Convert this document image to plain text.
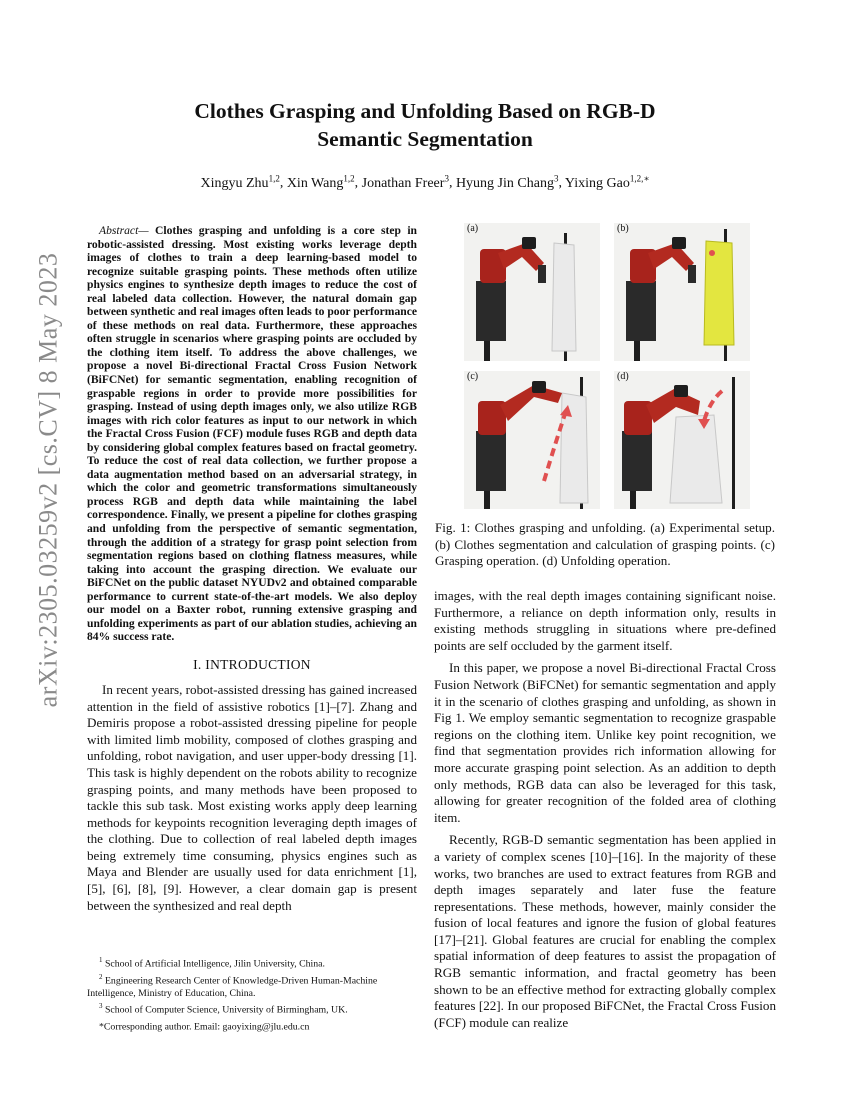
arXiv:2305.03259v2 [cs.CV] 8 May 2023
Clothes Grasping and Unfolding Based on RGB-D
Semantic Segmentation
Xingyu Zhu$^{1,2}$, Xin Wang$^{1,2}$, Jonathan Freer$^3$, Hyung Jin Chang$^3$, Yixing Gao$^{1,2,∗}$

Abstract— Clothes grasping and unfolding is a core step in robotic-assisted dressing. Most existing works leverage depth images of clothes to train a deep learning-based model to recognize suitable grasping points. These methods often utilize physics engines to synthesize depth images to reduce the cost of real labeled data collection. However, the natural domain gap between synthetic and real images often leads to poor performance of these methods on real data. Furthermore, these approaches often struggle in scenarios where grasping points are occluded by the clothing item itself. To address the above challenges, we propose a novel Bi-directional Fractal Cross Fusion Network (BiFCNet) for semantic segmentation, enabling recognition of graspable regions in order to provide more possibilities for grasping. Instead of using depth images only, we also utilize RGB images with rich color features as input to our network in which the Fractal Cross Fusion (FCF) module fuses RGB and depth data by considering global complex features based on fractal geometry. To reduce the cost of real data collection, we further propose a data augmentation method based on an adversarial strategy, in which the color and geometric transformations simultaneously process RGB and depth data while maintaining the label correspondence. Finally, we present a pipeline for clothes grasping and unfolding from the perspective of semantic segmentation, through the addition of a strategy for grasp point selection from segmentation regions based on clothing flatness measures, while taking into account the grasping direction. We evaluate our BiFCNet on the public dataset NYUDv2 and obtained comparable performance to current state-of-the-art models. We also deploy our model on a Baxter robot, running extensive grasping and unfolding experiments as part of our ablation studies, achieving an 84% success rate.

I. INTRODUCTION

In recent years, robot-assisted dressing has gained increased attention in the field of assistive robotics [1]–[7]. Zhang and Demiris propose a robot-assisted dressing pipeline for people with limited limb mobility, composed of clothes grasping and unfolding, robot navigation, and user upper-body dressing [1]. This task is highly dependent on the robots ability to recognize grasping points, and many methods have been proposed to tackle this sub task. Most existing works apply deep learning methods for keypoints recognition leveraging depth images of the clothing. Due to collection of real labeled depth images being extremely time consuming, physics engines such as Maya and Blender are usually used for data enrichment [1], [5], [6], [8], [9]. However, a clear domain gap is present between the synthesized and real depth

$^1$ School of Artificial Intelligence, Jilin University, China.

$^2$ Engineering Research Center of Knowledge-Driven Human-Machine Intelligence, Ministry of Education, China.

$^3$ School of Computer Science, University of Birmingham, UK.

*Corresponding author. Email: gaoyixing@jlu.edu.cn

(a)	(b)
(c)	(d)
Fig. 1: Clothes grasping and unfolding. (a) Experimental setup. (b) Clothes segmentation and calculation of grasping points. (c) Grasping operation. (d) Unfolding operation.

images, with the real depth images containing significant noise. Furthermore, a reliance on depth information only, results in existing methods struggling in situations where pre-defined points are self occluded by the garment itself.

In this paper, we propose a novel Bi-directional Fractal Cross Fusion Network (BiFCNet) for semantic segmentation and apply it in the scenario of clothes grasping and unfolding, as shown in Fig 1. We employ semantic segmentation to recognize graspable regions on the clothing item. Unlike key point recognition, we find that segmentation provides rich information allowing for more accurate grasping point selection. As an addition to depth only methods, RGB data can also be leveraged for this task, allowing for greater recognition of the folded area of clothing item.

Recently, RGB-D semantic segmentation has been applied in a variety of complex scenes [10]–[16]. In the majority of these works, two branches are used to extract features from RGB and depth images separately and later fuse the feature representations. These methods, however, mainly consider the fusion of local features and ignore the fusion of global features [17]–[21]. Global features are crucial for enabling the complex spatial information of deep features to assist the propagation of RGB semantic information, and fractal geometry has been shown to be an effective method for extracting globally complex features [22]. In our proposed BiFCNet, the Fractal Cross Fusion (FCF) module can realize
